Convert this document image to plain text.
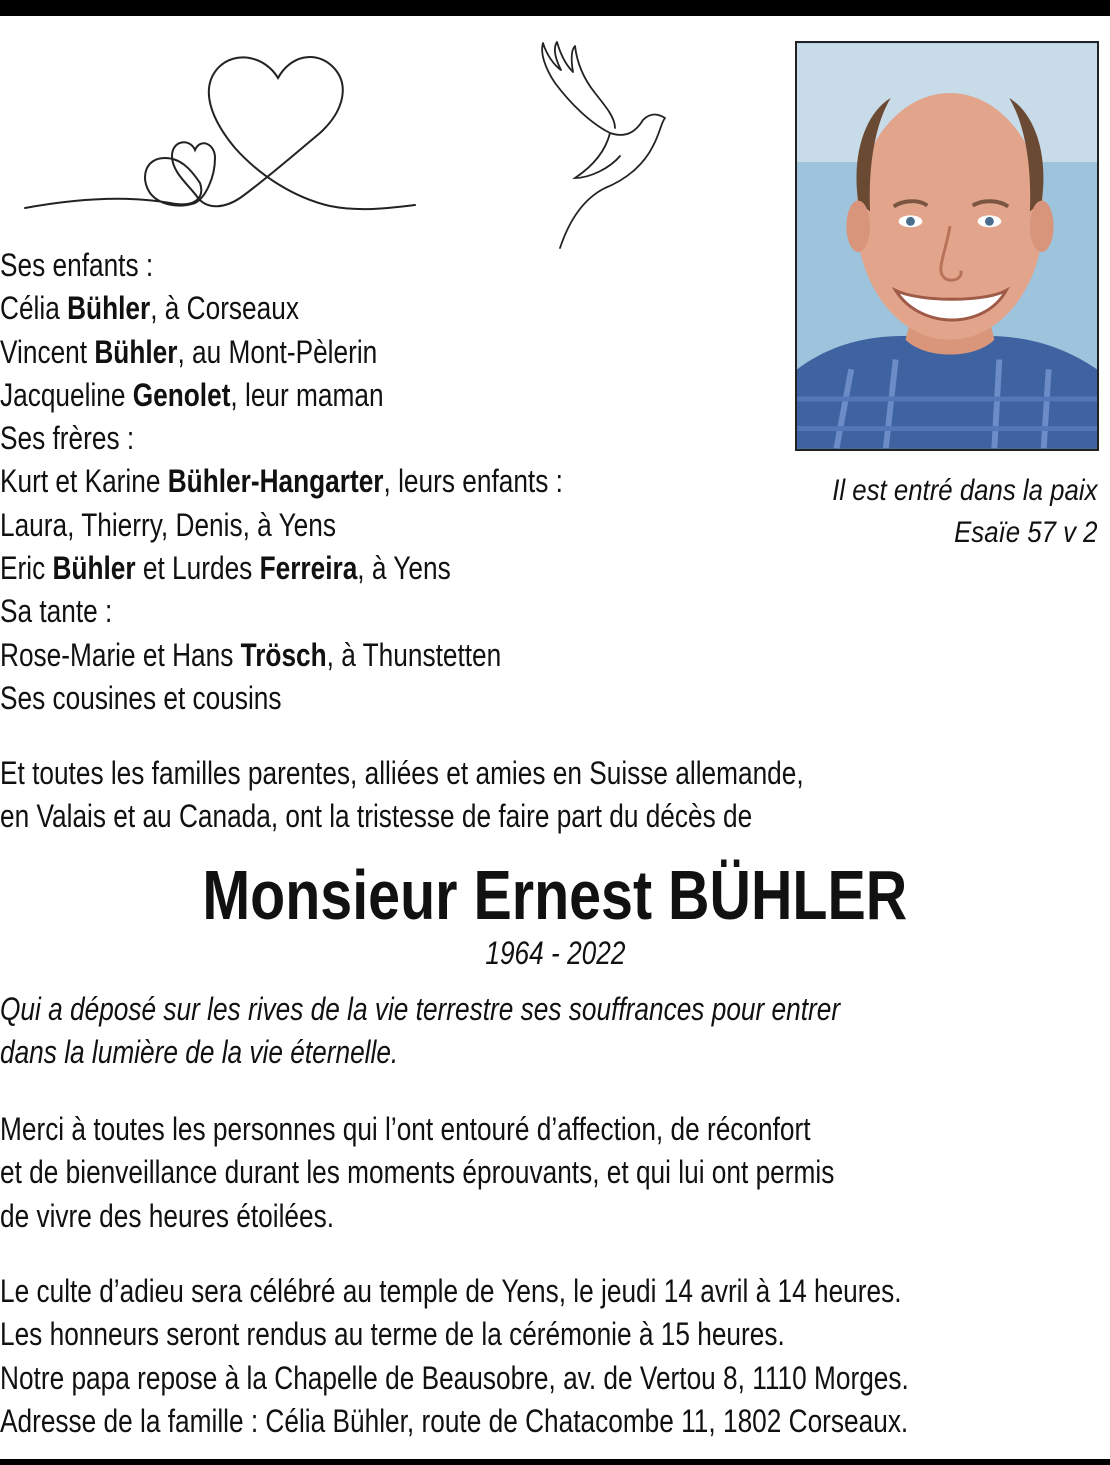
Il est entré dans la paix
Esaïe 57 v 2
Ses enfants :
Célia Bühler, à Corseaux
Vincent Bühler, au Mont-Pèlerin
Jacqueline Genolet, leur maman
Ses frères :
Kurt et Karine Bühler-Hangarter, leurs enfants :
Laura, Thierry, Denis, à Yens
Eric Bühler et Lurdes Ferreira, à Yens
Sa tante :
Rose-Marie et Hans Trösch, à Thunstetten
Ses cousines et cousins
Et toutes les familles parentes, alliées et amies en Suisse allemande,
en Valais et au Canada, ont la tristesse de faire part du décès de
Monsieur Ernest BÜHLER
1964 - 2022
Qui a déposé sur les rives de la vie terrestre ses souffrances pour entrer
dans la lumière de la vie éternelle.
Merci à toutes les personnes qui l’ont entouré d’affection, de réconfort
et de bienveillance durant les moments éprouvants, et qui lui ont permis
de vivre des heures étoilées.
Le culte d’adieu sera célébré au temple de Yens, le jeudi 14 avril à 14 heures.
Les honneurs seront rendus au terme de la cérémonie à 15 heures.
Notre papa repose à la Chapelle de Beausobre, av. de Vertou 8, 1110 Morges.
Adresse de la famille : Célia Bühler, route de Chatacombe 11, 1802 Corseaux.
